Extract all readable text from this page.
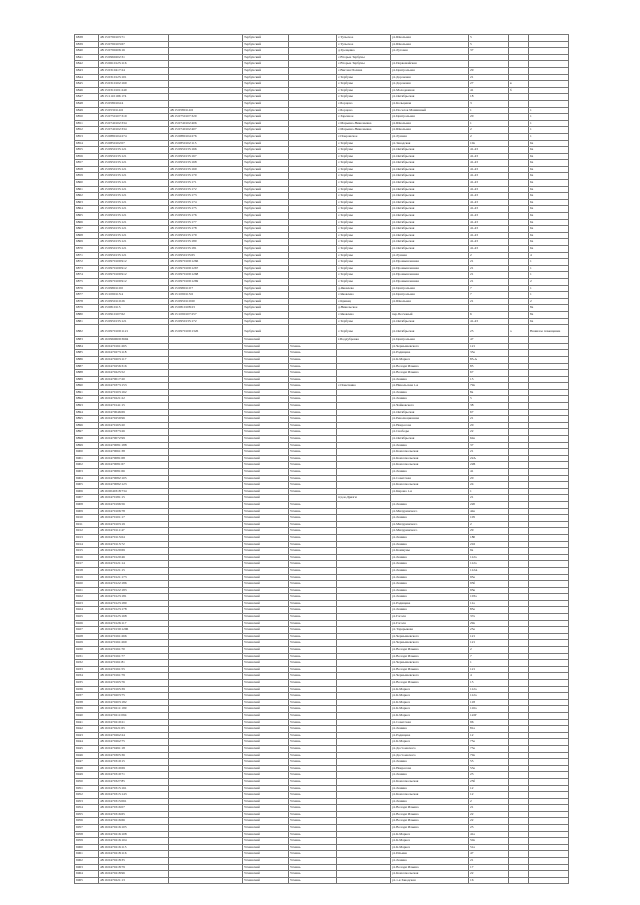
6838	48:15:0790103:71		Тербунский		с.Тульское	ул.Школьная	5		
6839	48:15:0790103:67		Тербунский		с.Тульское	ул.Школьная	5		
6840	48:15:0790206:16		Тербунский		д.Трещевка	ул.Луговая	37		
6841	48:15:0960202:31		Тербунский		с.Вторые Тербуны				
6842	48:15:0610125:116		Тербунский		с.Вторые Тербуны	ул.Первомайская			
6843	48:15:0310417:24		Тербунский		с.Вислая Поляна	ул.Центральная	29		
6844	48:15:0310125:101		Тербунский		с.Тербуны	ул.Дорожная	21		
6845	48:15:0310102:169		Тербунский		с.Тербуны	ул.Дорожная	27	в	
6846	48:15:0310101:249		Тербунский		с.Тербуны	ул.Молодежная	41	б	
6847	48:15:1110106:174		Тербунский		с.Тербуны	ул.Октябрьская	18		
6848	48:15:0580104:4		Тербунский		с.Борцово	ул.Кольцевая	3		
6849	48:15:0530114:6	48:15:0580114:6	Тербунский		с.Борцово	ул.Поселок Машинный	1		1
6850	48:15:0750107:319	48:15:0750107:320	Тербунский		с.Заречное	ул.Центральная	20		1
6851	48:15:0740102:334	48:15:0740102:406	Тербунский		с.Марьино-Николаевка	ул.Школьная	1		1
6852	48:15:0740102:334	48:15:0740102:407	Тербунский		с.Марьино-Николаевка	ул.Школьная	2		1
6853	48:15:0880104:274	48:15:0880104:276	Тербунский		с.Покровское	ул.Лунная	2		1
6854	48:15:0850102:07	48:15:0850102:115	Тербунский		с.Тербуны	ул.Заводская	10а		6а
6855	48:15:0950135:121	48:15:0950135:166	Тербунский		с.Тербуны	ул.Октябрьская	41-43		6а
6856	48:15:0950135:121	48:15:0950135:167	Тербунский		с.Тербуны	ул.Октябрьская	41-43		6а
6857	48:15:0950135:121	48:15:0950135:168	Тербунский		с.Тербуны	ул.Октябрьская	41-43		6а
6858	48:15:0950135:121	48:15:0950135:169	Тербунский		с.Тербуны	ул.Октябрьская	41-43		6а
6859	48:15:0950135:121	48:15:0950135:170	Тербунский		с.Тербуны	ул.Октябрьская	41-43		6а
6860	48:15:0950135:121	48:15:0950135:171	Тербунский		с.Тербуны	ул.Октябрьская	41-43		6а
6861	48:15:0950135:121	48:15:0950135:172	Тербунский		с.Тербуны	ул.Октябрьская	41-43		6а
6862	48:15:0950135:121	48:15:0950135:173	Тербунский		с.Тербуны	ул.Октябрьская	41-43		6а
6863	48:15:0950135:121	48:15:0950135:174	Тербунский		с.Тербуны	ул.Октябрьская	41-43		6а
6864	48:15:0950135:121	48:15:0950135:175	Тербунский		с.Тербуны	ул.Октябрьская	41-43		6а
6865	48:15:0950135:121	48:15:0950135:176	Тербунский		с.Тербуны	ул.Октябрьская	41-43		6а
6866	48:15:0950135:121	48:15:0950135:177	Тербунский		с.Тербуны	ул.Октябрьская	41-43		6а
6867	48:15:0950135:121	48:15:0950135:178	Тербунский		с.Тербуны	ул.Октябрьская	41-43		6а
6868	48:15:0950135:121	48:15:0950135:179	Тербунский		с.Тербуны	ул.Октябрьская	41-43		6а
6869	48:15:0950135:121	48:15:0950135:180	Тербунский		с.Тербуны	ул.Октябрьская	41-43		6а
6870	48:15:0950135:121	48:15:0950135:181	Тербунский		с.Тербуны	ул.Октябрьская	41-43		6а
6871	48:15:0950135:121	48:15:0950135:65	Тербунский		с.Тербуны	ул.Лунная	2		4
6872	48:15:0970109:912	48:15:0970109:1266	Тербунский		с.Тербуны	ул.Промышленная	21		1
6873	48:15:0970109:912	48:15:0970109:1267	Тербунский		с.Тербуны	ул.Промышленная	21		1
6874	48:15:0970109:912	48:15:0970109:1268	Тербунский		с.Тербуны	ул.Промышленная	21		1
6875	48:15:0970109:912	48:15:0970109:1269	Тербунский		с.Тербуны	ул.Промышленная	21		2
6876	48:15:0980110:0	48:15:0980110:7	Тербунский		д.Яковлево	ул.Центральная	7		1
6877	48:15:1090113:4	48:15:1090113:6	Тербунский		с.Яковлево	ул.Центральная	7		1
6878	48:15:0950110:26	48:15:0950110:60	Тербунский		с.Кривец	ул.Школьная	21		2
6879	48:15:0810115	48:15:0810108:23	Тербунский		д.Никольское				8а
6880	48:15:0910107:62	48:15:1090107:257	Тербунский		с.Яковлево	пер.Песчаный	6		8а
6881	48:15:0950135:121	48:15:0950135:172	Тербунский		с.Тербуны	ул.Октябрьская	41-43		6а
6882	48:15:0970109:1121	48:15:0970109:1326	Тербунский		с.Тербуны	ул.Октябрьская	25	а	Нежилое помещение
6883	48:16:0960609:3694		Усманский		г.Поддубровка	ул.Центральная	47		
6884	48:16:0470161:265		Усманский	Усмань		ул.Чернышевского	121		
6885	48:16:0470273:118		Усманский	Усмань		ул.Радищева	35а		
6886	48:16:0470203:117		Усманский	Усмань		ул.К.Маркса	85-А		
6887	48:16:0470256:316		Усманский	Усмань		ул.Володи Ильина	85		
6888	48:16:0470225:52		Усманский	Усмань		ул.Володи Ильина	67		
6889	48:16:0470017:20		Усманский	Усмань		ул.Ленина	15		
6890	48:16:0470373:153		Усманский	Усмань	с.Поветкино	ул.Никольская 1-я	79а		
6891	48:16:0470103:162		Усманский	Усмань		ул.Ленина	8а		
6892	48:16:0470221:22		Усманский	Усмань		ул.Ленина	5		
6893	48:16:0470141:15		Усманский	Усмань		ул.Чайковского	38		
6894	48:16:0470046:69		Усманский	Усмань		ул.Октябрьская	67		
6895	48:16:0470259:96		Усманский	Усмань		ул.Революционная	21		
6896	48:16:0470165:20		Усманский	Усмань		ул.Некрасова	20		
6897	48:16:0470373:26		Усманский	Усмань		ул.Свободы	22		
6898	48:16:0470072:99		Усманский	Усмань		ул.Октябрьская	64а		
6899	48:16:0470081:188		Усманский	Усмань		ул.Ленина	37		
6900	48:16:0470061:38		Усманский	Усмань		ул.Комсомольская	21		
6901	48:16:0470081:68		Усманский	Усмань		ул.Комсомольская	22А		
6902	48:16:0470081:67		Усманский	Усмань		ул.Комсомольская	22Б		
6903	48:16:0470081:66		Усманский	Усмань		ул.Ленина	41		
6904	48:16:0470082:105		Усманский	Усмань		ул.Советская	20		
6905	48:16:0470082:123		Усманский	Усмань		ул.Комсомольская	24		
6906	48:16:0040318:734		Усманский	Усмань		ул.Кирова 1-я	1		
6907	48:16:0470181:15		Усманский		п/д.ж.Дрязги		21		
6908	48:16:0470196:56		Усманский	Усмань		ул.Ленина	220		
6909	48:16:0470106:78		Усманский	Усмань		ул.Мичуринского	44а		
6910	48:16:0470101:17		Усманский	Усмань		ул.Ленина	105		
6911	48:16:0470103:19		Усманский	Усмань		ул.Мичуринского	2		
6912	48:16:0470111:47		Усманский	Усмань		ул.Мичуринского	29		
6913	48:16:0470113:64		Усманский	Усмань		ул.Ленина	180		
6914	48:16:0470113:72		Усманский	Усмань		ул.Ленина	216		
6915	48:16:0470120:69		Усманский	Усмань		ул.Коммуны	9а		
6916	48:16:0470120:46		Усманский	Усмань		ул.Ленина	112а		
6917	48:16:0470121:14		Усманский	Усмань		ул.Ленина	112а		
6918	48:16:0470121:15		Усманский	Усмань		ул.Ленина	112А		
6919	48:16:0470121:173		Усманский	Усмань		ул.Ленина	95а		
6920	48:16:0470122:186		Усманский	Усмань		ул.Ленина	95б		
6921	48:16:0470122:183		Усманский	Усмань		ул.Ленина	95в		
6922	48:16:0470123:181		Усманский	Усмань		ул.Ленина	103а		
6923	48:16:0470123:180		Усманский	Усмань		ул.Радищева	11а		
6924	48:16:0470123:178		Усманский	Усмань		ул.Ленина	85а		
6925	48:16:0470125:168		Усманский	Усмань		ул.Гоголя	37а		
6926	48:16:0470126:117		Усманский	Усмань		ул.Гоголя	29а		
6927	48:16:0470130:1296		Усманский	Усмань		ул.Тарарыкова	25а		
6928	48:16:0470161:266		Усманский	Усмань		ул.Чернышевского	121		
6929	48:16:0470161:269		Усманский	Усмань		ул.Чернышевского	121		
6930	48:16:0470161:70		Усманский	Усмань		ул.Володи Ильина	2		
6931	48:16:0470161:77		Усманский	Усмань		ул.Володи Ильина	7		
6932	48:16:0470161:81		Усманский	Усмань		ул.Чернышевского	1		
6933	48:16:0470161:55		Усманский	Усмань		ул.Володи Ильина	121		
6934	48:16:0470161:79		Усманский	Усмань		ул.Чернышевского	4		
6935	48:16:0470165:76		Усманский	Усмань		ул.Володи Ильина	15		
6936	48:16:0470165:39		Усманский	Усмань		ул.К.Маркса	112а		
6937	48:16:0470203:75		Усманский	Усмань		ул.К.Маркса	112а		
6938	48:16:0470203:182		Усманский	Усмань		ул.К.Маркса	118		
6939	48:16:0470211:199		Усманский	Усмань		ул.К.Маркса	116а		
6940	48:16:0470211:094		Усманский	Усмань		ул.К.Маркса	122Г		
6941	48:16:0470219:21		Усманский	Усмань		ул.Советская	96		
6942	48:16:0470221:65		Усманский	Усмань		ул.Ленина	81а		
6943	48:16:0470262:24		Усманский	Усмань		ул.Радищева	12		
6944	48:16:0470262:75		Усманский	Усмань		ул.К.Маркса	75а		
6945	48:16:0470491:18		Усманский	Усмань		ул.Достоевского	73а		
6946	48:16:0470305:36		Усманский	Усмань		ул.Достоевского	70а		
6947	48:16:0470319:15		Усманский	Усмань		ул.Ленина	55		
6948	48:16:0470319:69		Усманский	Усмань		ул.Некрасова	53а		
6949	48:16:0470319:71		Усманский	Усмань		ул.Ленина	23		
6950	48:16:0470327:85		Усманский	Усмань		ул.Комсомольская	25б		
6951	48:16:0470315:161		Усманский	Усмань		ул.Ленина	12		
6952	48:16:0470315:143		Усманский	Усмань		ул.Комсомольская	12		
6953	48:16:0470315:061		Усманский	Усмань		ул.Ленина	2		
6954	48:16:0470316:07		Усманский	Усмань		ул.Володи Ильина	21		
6955	48:16:0470316:65		Усманский	Усмань		ул.Володи Ильина	22		
6956	48:16:0470216:66		Усманский	Усмань		ул.Володи Ильина	22		
6957	48:16:0470216:105		Усманский	Усмань		ул.Володи Ильина	25		
6958	48:16:0470216:108		Усманский	Усмань		ул.К.Маркса	41а		
6959	48:16:0470216:104		Усманский	Усмань		ул.К.Маркса	50а		
6960	48:16:0470216:115		Усманский	Усмань		ул.К.Маркса	51а		
6961	48:16:0470218:116		Усманский	Усмань		ул.Ильина	47		
6962	48:16:0470218:35		Усманский	Усмань		ул.Ленина	21		
6963	48:16:0470218:79		Усманский	Усмань		ул.Володи Ильина	17		
6964	48:16:0470218:96		Усманский	Усмань		ул.Комсомольская	22		
6965	48:16:0470221:13		Усманский	Усмань		ул.1-я Заводская	16		
